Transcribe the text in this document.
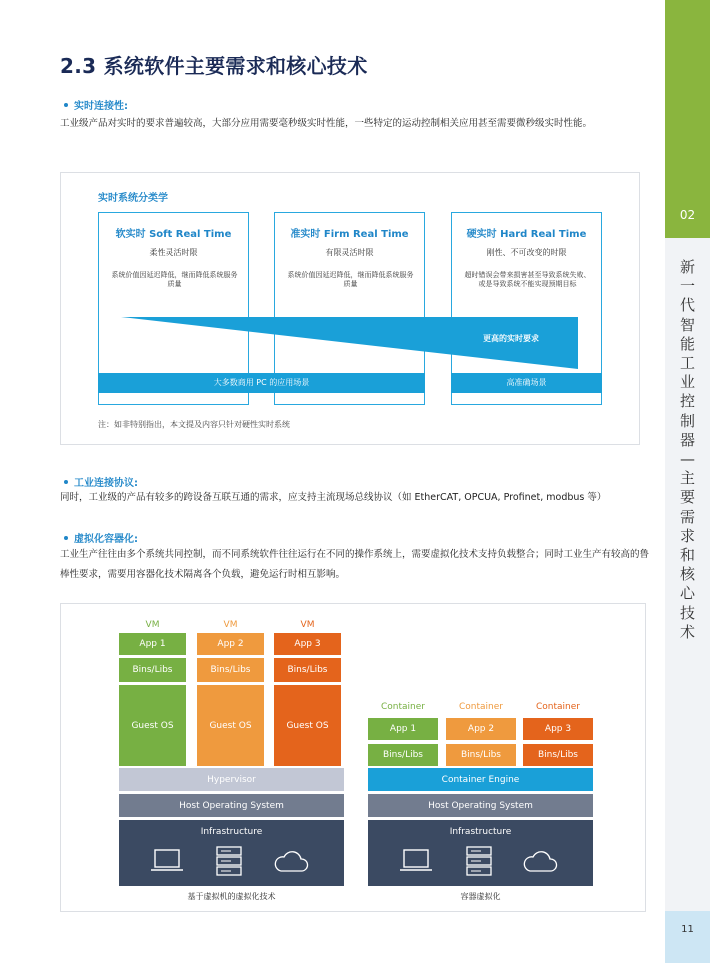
02
新一代智能工业控制器—主要需求和核心技术
11
2.3 系统软件主要需求和核心技术
实时连接性:
工业级产品对实时的要求普遍较高，大部分应用需要毫秒级实时性能，一些特定的运动控制相关应用甚至需要微秒级实时性能。
实时系统分类学
软实时 Soft Real Time
柔性灵活时限
系统价值因延迟降低，继而降低系统服务质量
准实时 Firm Real Time
有限灵活时限
系统价值因延迟降低，继而降低系统服务质量
硬实时 Hard Real Time
刚性、不可改变的时限
超时错误会带来损害甚至导致系统失败、或是导致系统不能实现预期目标
更高的实时要求
大多数商用 PC 的应用场景	高准确场景
注：如非特别指出，本文提及内容只针对硬性实时系统
工业连接协议:
同时，工业级的产品有较多的跨设备互联互通的需求，应支持主流现场总线协议（如 EtherCAT, OPCUA, Profinet, modbus 等）
虚拟化容器化:
工业生产往往由多个系统共同控制，而不同系统软件往往运行在不同的操作系统上，需要虚拟化技术支持负载整合；同时工业生产有较高的鲁棒性要求，需要用容器化技术隔离各个负载，避免运行时相互影响。
VM	VM	VM
App 1	App 2	App 3
Bins/Libs	Bins/Libs	Bins/Libs
Guest OS	Guest OS	Guest OS
Hypervisor
Host Operating System
Infrastructure
基于虚拟机的虚拟化技术
Container	Container	Container
App 1	App 2	App 3
Bins/Libs	Bins/Libs	Bins/Libs
Container Engine
Host Operating System
Infrastructure
容器虚拟化
